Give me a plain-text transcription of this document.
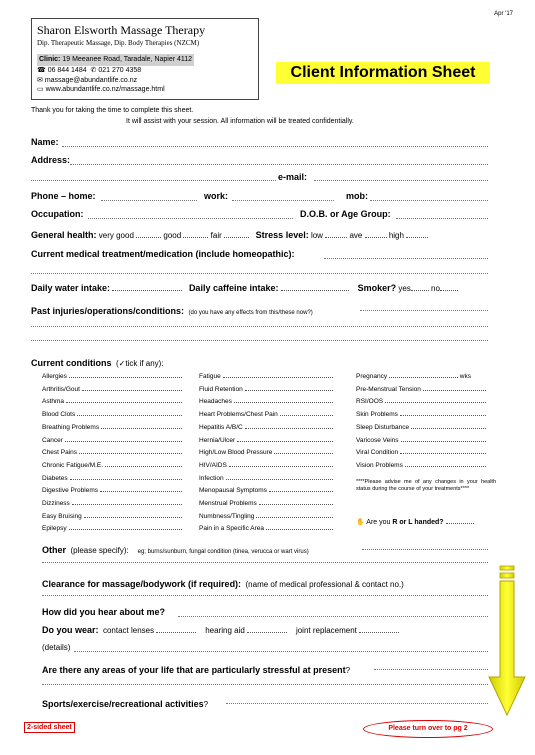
Apr '17
Sharon Elsworth Massage Therapy
Dip. Therapeutic Massage, Dip. Body Therapies (NZCM)
Clinic: 19 Meeanee Road, Taradale, Napier 4112
☎ 06 844 1484 ✆ 021 270 4358
✉ massage@abundantlife.co.nz
▭ www.abundantlife.co.nz/massage.html
Client Information Sheet
Thank you for taking the time to complete this sheet.
It will assist with your session. All information will be treated confidentially.
Name:
Address:
e-mail:
Phone – home:	work:	mob:
Occupation:	D.O.B. or Age Group:
General health: very good	good	fair	Stress level: low	ave	high
Current medical treatment/medication (include homeopathic):
Daily water intake:	Daily caffeine intake:	Smoker? yes	no
Past injuries/operations/conditions: (do you have any effects from this/these now?)
Current conditions (✓tick if any):
Allergies
Arthritis/Gout
Asthma
Blood Clots
Breathing Problems
Cancer
Chest Pains
Chronic Fatigue/M.E.
Diabetes
Digestive Problems
Dizziness
Easy Bruising
Epilepsy
Fatigue
Fluid Retention
Headaches
Heart Problems/Chest Pain
Hepatitis A/B/C
Hernia/Ulcer
High/Low Blood Pressure
HIV/AIDS
Infection
Menopausal Symptoms
Menstrual Problems
Numbness/Tingling
Pain in a Specific Area
Pregnancy	wks
Pre-Menstrual Tension
RSI/OOS
Skin Problems
Sleep Disturbance
Varicose Veins
Viral Condition
Vision Problems
****Please advise me of any changes in your health status during the course of your treatments****
✋ Are you R or L handed?
Other (please specify): eg; burns/sunburn, fungal condition (tinea, verucca or wart virus)
Clearance for massage/bodywork (if required): (name of medical professional & contact no.)
How did you hear about me?
Do you wear: contact lenses	hearing aid	joint replacement
(details)
Are there any areas of your life that are particularly stressful at present?
Sports/exercise/recreational activities?
2-sided sheet	Please turn over to pg 2
